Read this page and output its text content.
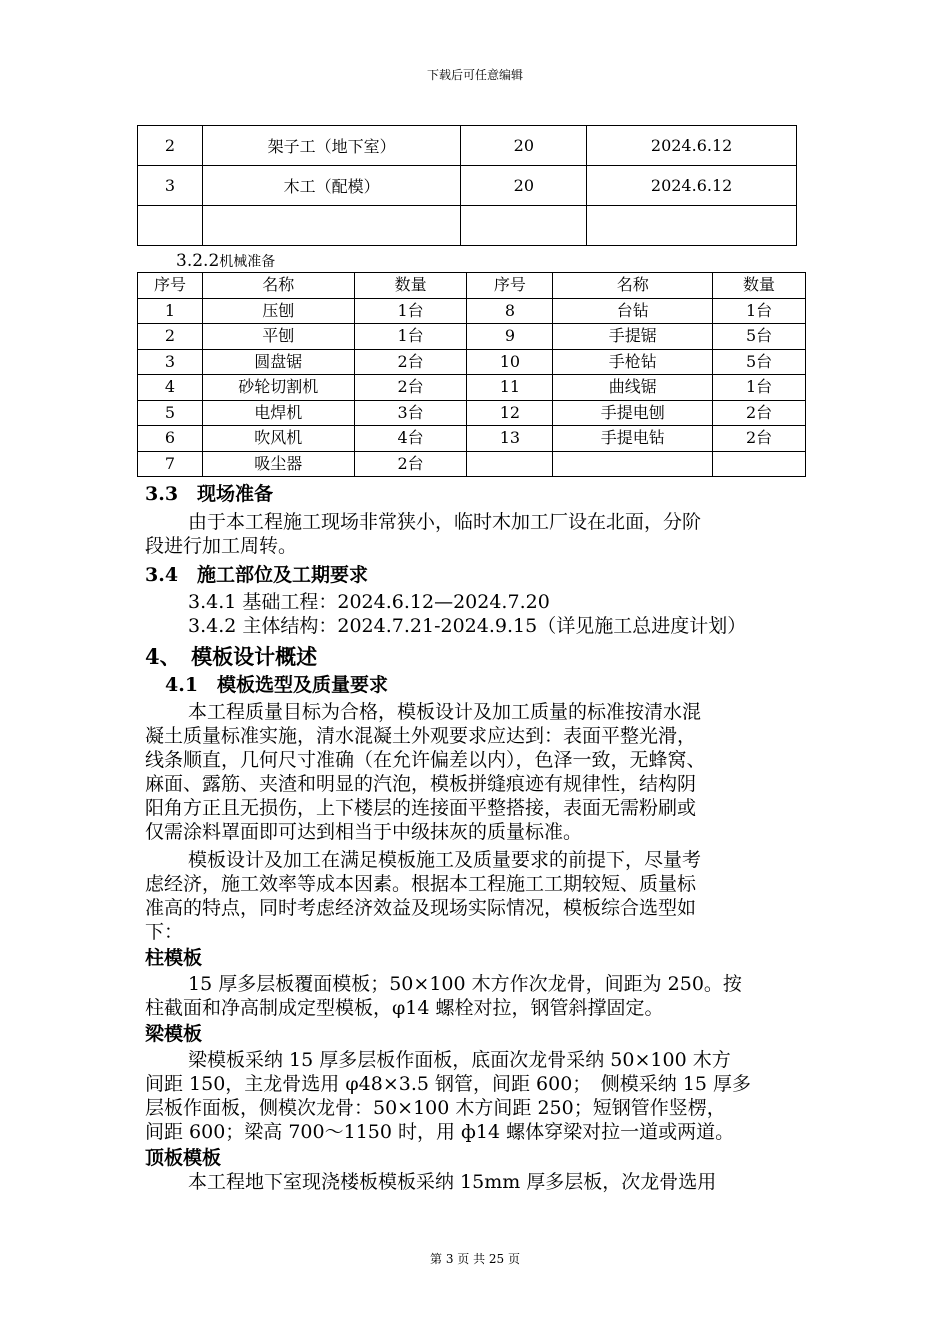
下载后可任意编辑
2	架子工（地下室）	20	2024.6.12
3	木工（配模）	20	2024.6.12

3.2.2机械准备
序号	名称	数量	序号	名称	数量
1	压刨	1台	8	台钻	1台
2	平刨	1台	9	手提锯	5台
3	圆盘锯	2台	10	手枪钻	5台
4	砂轮切割机	2台	11	曲线锯	1台
5	电焊机	3台	12	手提电刨	2台
6	吹风机	4台	13	手提电钻	2台
7	吸尘器	2台			
3.3　现场准备
由于本工程施工现场非常狭小，临时木加工厂设在北面，分阶
段进行加工周转。
3.4　施工部位及工期要求
3.4.1 基础工程：2024.6.12—2024.7.20
3.4.2 主体结构：2024.7.21-2024.9.15（详见施工总进度计划）
4、　模板设计概述
4.1　模板选型及质量要求
本工程质量目标为合格，模板设计及加工质量的标准按清水混
凝土质量标准实施，清水混凝土外观要求应达到：表面平整光滑，
线条顺直，几何尺寸准确（在允许偏差以内），色泽一致，无蜂窝、
麻面、露筋、夹渣和明显的汽泡，模板拼缝痕迹有规律性，结构阴
阳角方正且无损伤，上下楼层的连接面平整搭接，表面无需粉刷或
仅需涂料罩面即可达到相当于中级抹灰的质量标准。
模板设计及加工在满足模板施工及质量要求的前提下，尽量考
虑经济，施工效率等成本因素。根据本工程施工工期较短、质量标
准高的特点，同时考虑经济效益及现场实际情况，模板综合选型如
下：
柱模板
15 厚多层板覆面模板；50×100 木方作次龙骨，间距为 250。按
柱截面和净高制成定型模板，φ14 螺栓对拉，钢管斜撑固定。
梁模板
梁模板采纳 15 厚多层板作面板，底面次龙骨采纳 50×100 木方
间距 150，主龙骨选用 φ48×3.5 钢管，间距 600；　侧模采纳 15 厚多
层板作面板，侧模次龙骨：50×100 木方间距 250；短钢管作竖楞，
间距 600；梁高 700～1150 时，用 ф14 螺体穿梁对拉一道或两道。
顶板模板
本工程地下室现浇楼板模板采纳 15mm 厚多层板，次龙骨选用
第 3 页 共 25 页
